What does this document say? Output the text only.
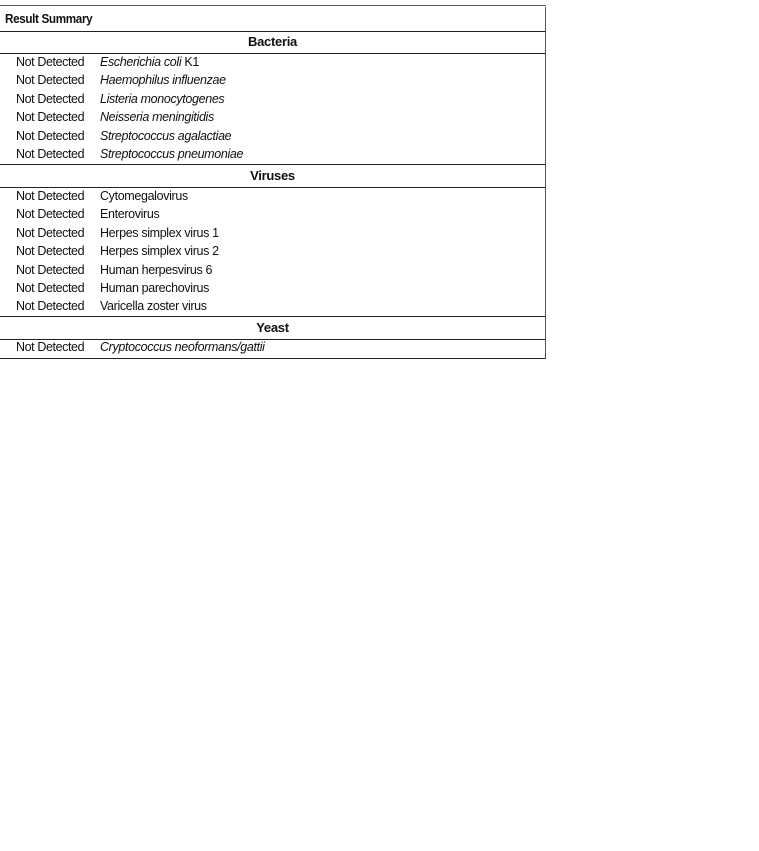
Result Summary
Bacteria
Not Detected Escherichia coli K1
Not Detected Haemophilus influenzae
Not Detected Listeria monocytogenes
Not Detected Neisseria meningitidis
Not Detected Streptococcus agalactiae
Not Detected Streptococcus pneumoniae
Viruses
Not Detected Cytomegalovirus
Not Detected Enterovirus
Not Detected Herpes simplex virus 1
Not Detected Herpes simplex virus 2
Not Detected Human herpesvirus 6
Not Detected Human parechovirus
Not Detected Varicella zoster virus
Yeast
Not Detected Cryptococcus neoformans/gattii
